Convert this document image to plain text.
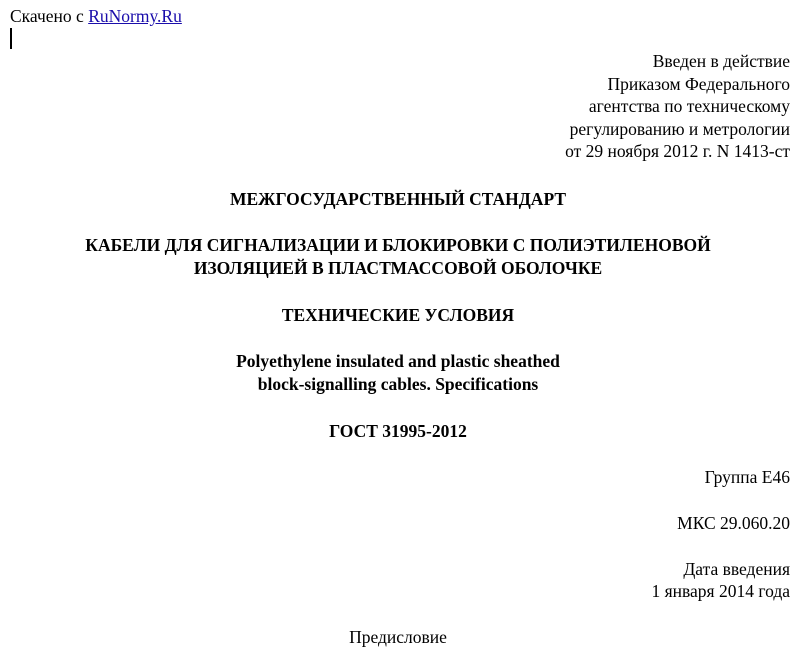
Скачено с RuNormy.Ru

Введен в действие
Приказом Федерального
агентства по техническому
регулированию и метрологии
от 29 ноября 2012 г. N 1413-ст

МЕЖГОСУДАРСТВЕННЫЙ СТАНДАРТ

КАБЕЛИ ДЛЯ СИГНАЛИЗАЦИИ И БЛОКИРОВКИ С ПОЛИЭТИЛЕНОВОЙ

ИЗОЛЯЦИЕЙ В ПЛАСТМАССОВОЙ ОБОЛОЧКЕ

ТЕХНИЧЕСКИЕ УСЛОВИЯ

Polyethylene insulated and plastic sheathed

block-signalling cables. Specifications

ГОСТ 31995-2012

Группа Е46

МКС 29.060.20

Дата введения

1 января 2014 года

Предисловие
